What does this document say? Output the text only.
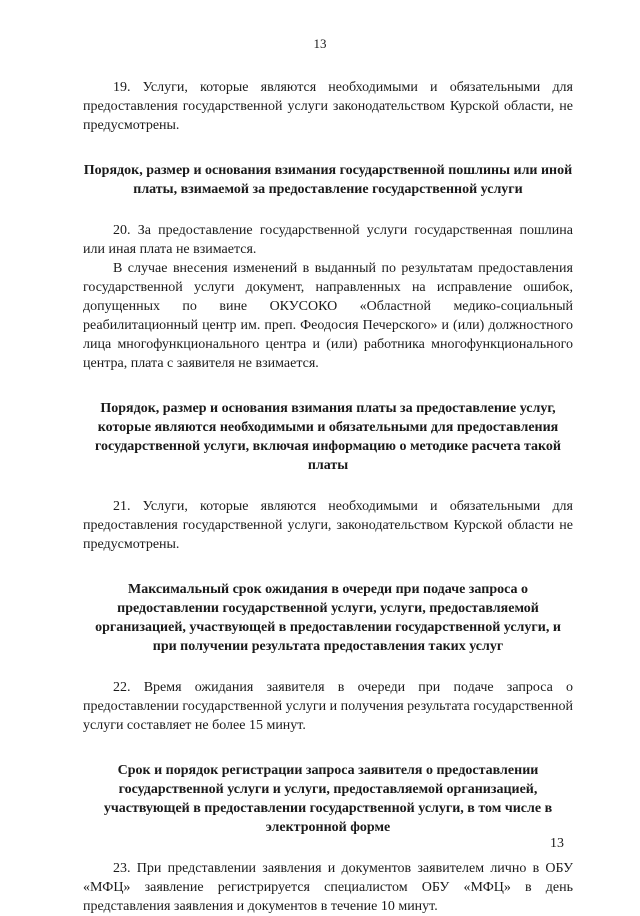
13

19. Услуги, которые являются необходимыми и обязательными для предоставления государственной услуги законодательством Курской области, не предусмотрены.

Порядок, размер и основания взимания государственной пошлины или иной платы, взимаемой за предоставление государственной услуги

20. За предоставление государственной услуги государственная пошлина или иная плата не взимается.

В случае внесения изменений в выданный по результатам предоставления государственной услуги документ, направленных на исправление ошибок, допущенных по вине ОКУСОКО «Областной медико-социальный реабилитационный центр им. преп. Феодосия Печерского» и (или) должностного лица многофункционального центра и (или) работника многофункционального центра, плата с заявителя не взимается.

Порядок, размер и основания взимания платы за предоставление услуг, которые являются необходимыми и обязательными для предоставления государственной услуги, включая информацию о методике расчета такой платы

21. Услуги, которые являются необходимыми и обязательными для предоставления государственной услуги, законодательством Курской области не предусмотрены.

Максимальный срок ожидания в очереди при подаче запроса о предоставлении государственной услуги, услуги, предоставляемой организацией, участвующей в предоставлении государственной услуги, и при получении результата предоставления таких услуг

22. Время ожидания заявителя в очереди при подаче запроса о предоставлении государственной услуги и получения результата государственной услуги составляет не более 15 минут.

Срок и порядок регистрации запроса заявителя о предоставлении государственной услуги и услуги, предоставляемой организацией, участвующей в предоставлении государственной услуги, в том числе в электронной форме

23. При представлении заявления и документов заявителем лично в ОБУ «МФЦ» заявление регистрируется специалистом ОБУ «МФЦ» в день представления заявления и документов в течение 10 минут.

13
